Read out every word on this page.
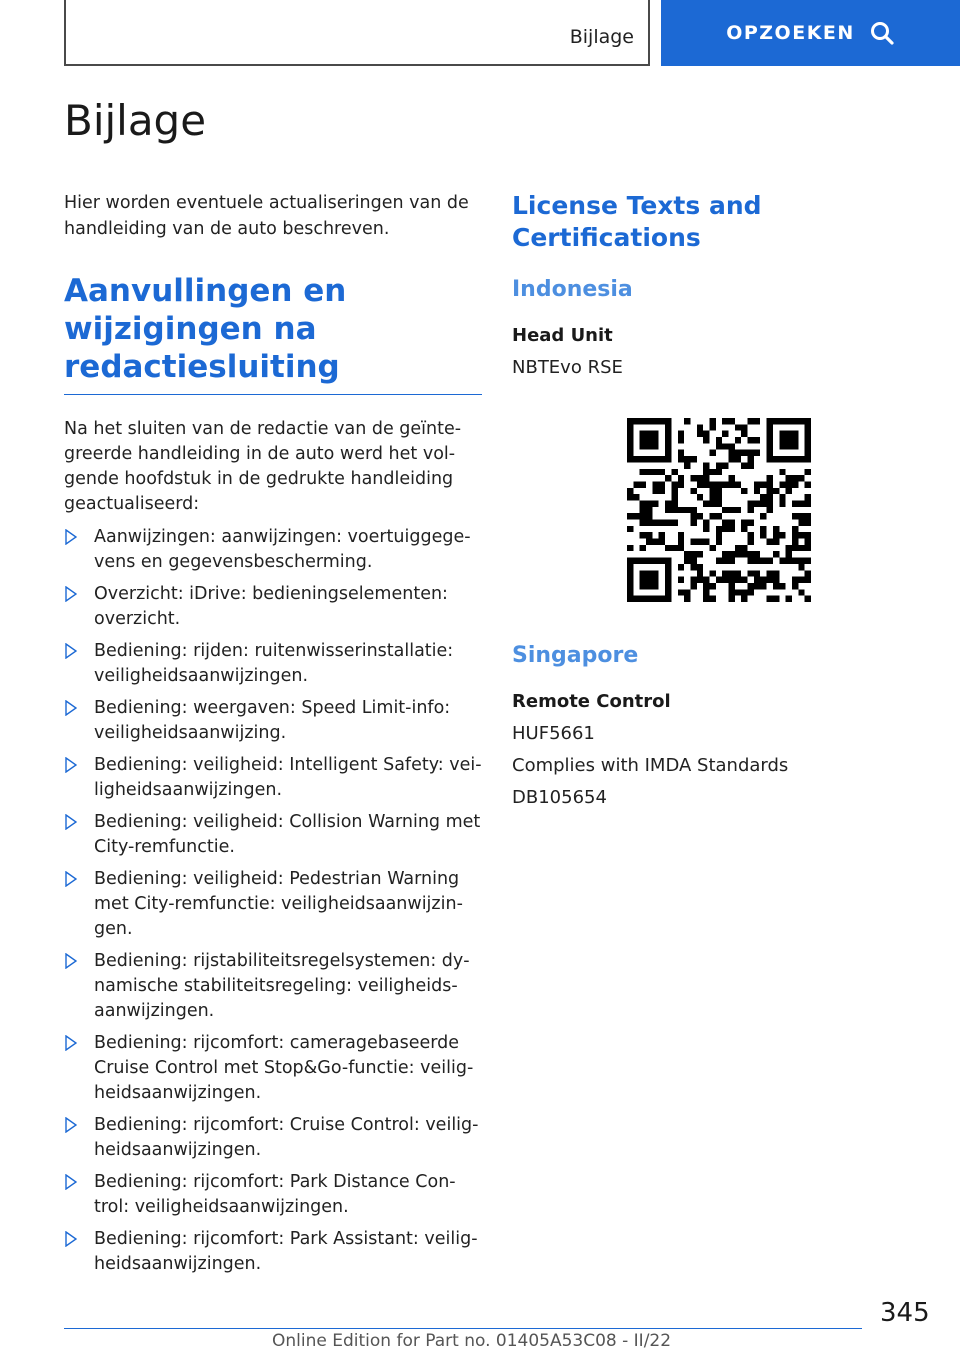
Bijlage	OPZOEKEN
Bijlage

Hier worden eventuele actualiseringen van de handleiding van de auto beschreven.

Aanvullingen en wijzigingen na redactiesluiting

Na het sluiten van de redactie van de geïntegreerde handleiding in de auto werd het volgende hoofdstuk in de gedrukte handleiding geactualiseerd:

Aanwijzingen: aanwijzingen: voertuiggegevens en gegevensbescherming.
Overzicht: iDrive: bedieningselementen: overzicht.
Bediening: rijden: ruitenwisserinstallatie: veiligheidsaanwijzingen.
Bediening: weergaven: Speed Limit-info: veiligheidsaanwijzing.
Bediening: veiligheid: Intelligent Safety: veiligheidsaanwijzingen.
Bediening: veiligheid: Collision Warning met City-remfunctie.
Bediening: veiligheid: Pedestrian Warning met City-remfunctie: veiligheidsaanwijzingen.
Bediening: rijstabiliteitsregelsystemen: dynamische stabiliteitsregeling: veiligheidsaanwijzingen.
Bediening: rijcomfort: cameragebaseerde Cruise Control met Stop&Go-functie: veiligheidsaanwijzingen.
Bediening: rijcomfort: Cruise Control: veiligheidsaanwijzingen.
Bediening: rijcomfort: Park Distance Control: veiligheidsaanwijzingen.
Bediening: rijcomfort: Park Assistant: veiligheidsaanwijzingen.
License Texts and Certifications
Indonesia
Head Unit
NBTEvo RSE
Singapore
Remote Control
HUF5661
Complies with IMDA Standards
DB105654
345
Online Edition for Part no. 01405A53C08 - II/22
